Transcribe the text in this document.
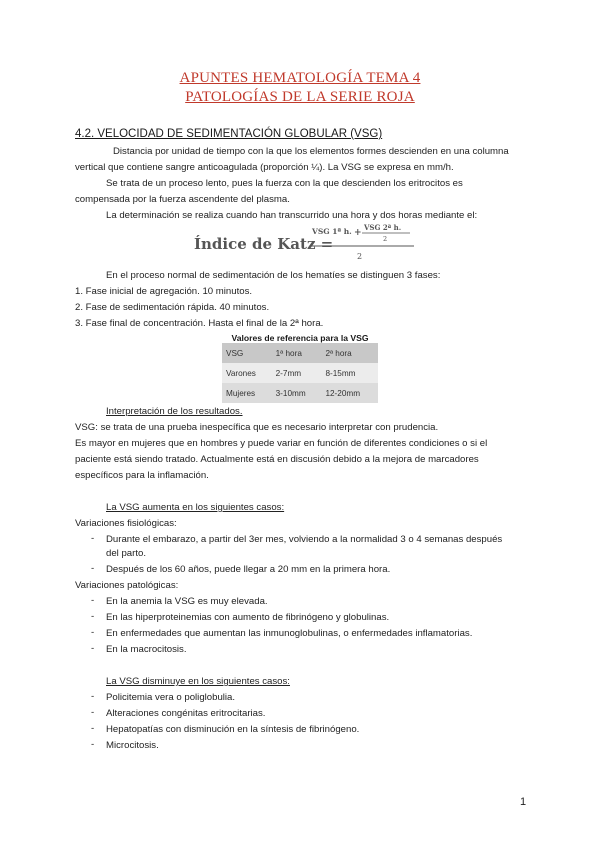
APUNTES HEMATOLOGÍA TEMA 4
PATOLOGÍAS DE LA SERIE ROJA
4.2. VELOCIDAD DE SEDIMENTACIÓN GLOBULAR (VSG)
Distancia por unidad de tiempo con la que los elementos formes descienden en una columna
vertical que contiene sangre anticoagulada (proporción ¼). La VSG se expresa en mm/h.
Se trata de un proceso lento, pues la fuerza con la que descienden los eritrocitos es
compensada por la fuerza ascendente del plasma.
La determinación se realiza cuando han transcurrido una hora y dos horas mediante el:
Índice de Katz =
VSG 1ª h. +
VSG 2ª h.
2
2
En el proceso normal de sedimentación de los hematíes se distinguen 3 fases:
1. Fase inicial de agregación. 10 minutos.
2. Fase de sedimentación rápida. 40 minutos.
3. Fase final de concentración. Hasta el final de la 2ª hora.
Valores de referencia para la VSG
VSG	1ª hora	2ª hora
Varones	2-7mm	8-15mm
Mujeres	3-10mm	12-20mm
Interpretación de los resultados.
VSG: se trata de una prueba inespecífica que es necesario interpretar con prudencia.
Es mayor en mujeres que en hombres y puede variar en función de diferentes condiciones o si el
paciente está siendo tratado. Actualmente está en discusión debido a la mejora de marcadores
específicos para la inflamación.
La VSG aumenta en los siguientes casos:
Variaciones fisiológicas:
- Durante el embarazo, a partir del 3er mes, volviendo a la normalidad 3 o 4 semanas después
del parto.
- Después de los 60 años, puede llegar a 20 mm en la primera hora.
Variaciones patológicas:
- En la anemia la VSG es muy elevada.
- En las hiperproteinemias con aumento de fibrinógeno y globulinas.
- En enfermedades que aumentan las inmunoglobulinas, o enfermedades inflamatorias.
- En la macrocitosis.
La VSG disminuye en los siguientes casos:
- Policitemia vera o poliglobulia.
- Alteraciones congénitas eritrocitarias.
- Hepatopatías con disminución en la síntesis de fibrinógeno.
- Microcitosis.
1
